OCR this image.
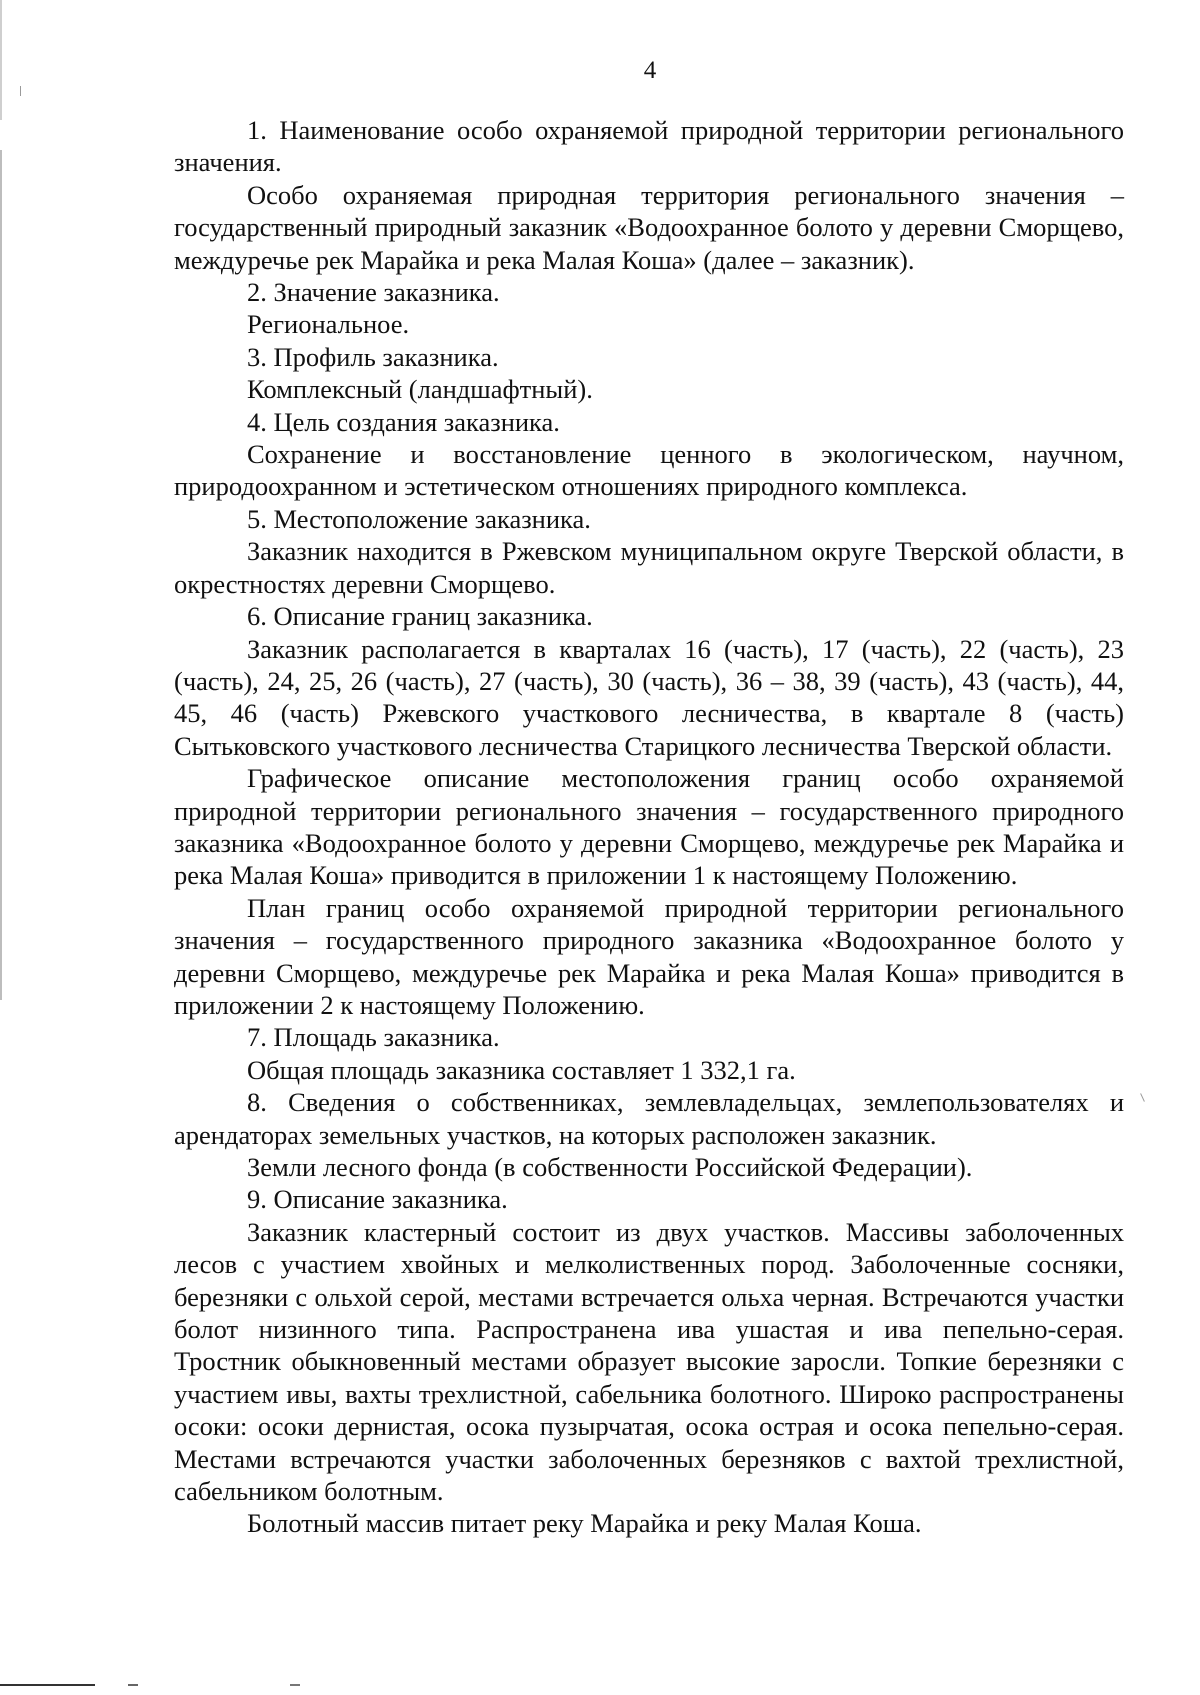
4

1. Наименование особо охраняемой природной территории регионального значения.

Особо охраняемая природная территория регионального значения – государственный природный заказник «Водоохранное болото у деревни Сморщево, междуречье рек Марайка и река Малая Коша» (далее – заказник).

2. Значение заказника.

Региональное.

3. Профиль заказника.

Комплексный (ландшафтный).

4. Цель создания заказника.

Сохранение и восстановление ценного в экологическом, научном, природоохранном и эстетическом отношениях природного комплекса.

5. Местоположение заказника.

Заказник находится в Ржевском муниципальном округе Тверской области, в окрестностях деревни Сморщево.

6. Описание границ заказника.

Заказник располагается в кварталах 16 (часть), 17 (часть), 22 (часть), 23 (часть), 24, 25, 26 (часть), 27 (часть), 30 (часть), 36 – 38, 39 (часть), 43 (часть), 44, 45, 46 (часть) Ржевского участкового лесничества, в квартале 8 (часть) Сытьковского участкового лесничества Старицкого лесничества Тверской области.

Графическое описание местоположения границ особо охраняемой природной территории регионального значения – государственного природного заказника «Водоохранное болото у деревни Сморщево, междуречье рек Марайка и река Малая Коша» приводится в приложении 1 к настоящему Положению.

План границ особо охраняемой природной территории регионального значения – государственного природного заказника «Водоохранное болото у деревни Сморщево, междуречье рек Марайка и река Малая Коша» приводится в приложении 2 к настоящему Положению.

7. Площадь заказника.

Общая площадь заказника составляет 1 332,1 га.

8. Сведения о собственниках, землевладельцах, землепользователях и арендаторах земельных участков, на которых расположен заказник.

Земли лесного фонда (в собственности Российской Федерации).

9. Описание заказника.

Заказник кластерный состоит из двух участков. Массивы заболоченных лесов с участием хвойных и мелколиственных пород. Заболоченные сосняки, березняки с ольхой серой, местами встречается ольха черная. Встречаются участки болот низинного типа. Распространена ива ушастая и ива пепельно-серая. Тростник обыкновенный местами образует высокие заросли. Топкие березняки с участием ивы, вахты трехлистной, сабельника болотного. Широко распространены осоки: осоки дернистая, осока пузырчатая, осока острая и осока пепельно-серая. Местами встречаются участки заболоченных березняков с вахтой трехлистной, сабельником болотным.

Болотный массив питает реку Марайка и реку Малая Коша.
